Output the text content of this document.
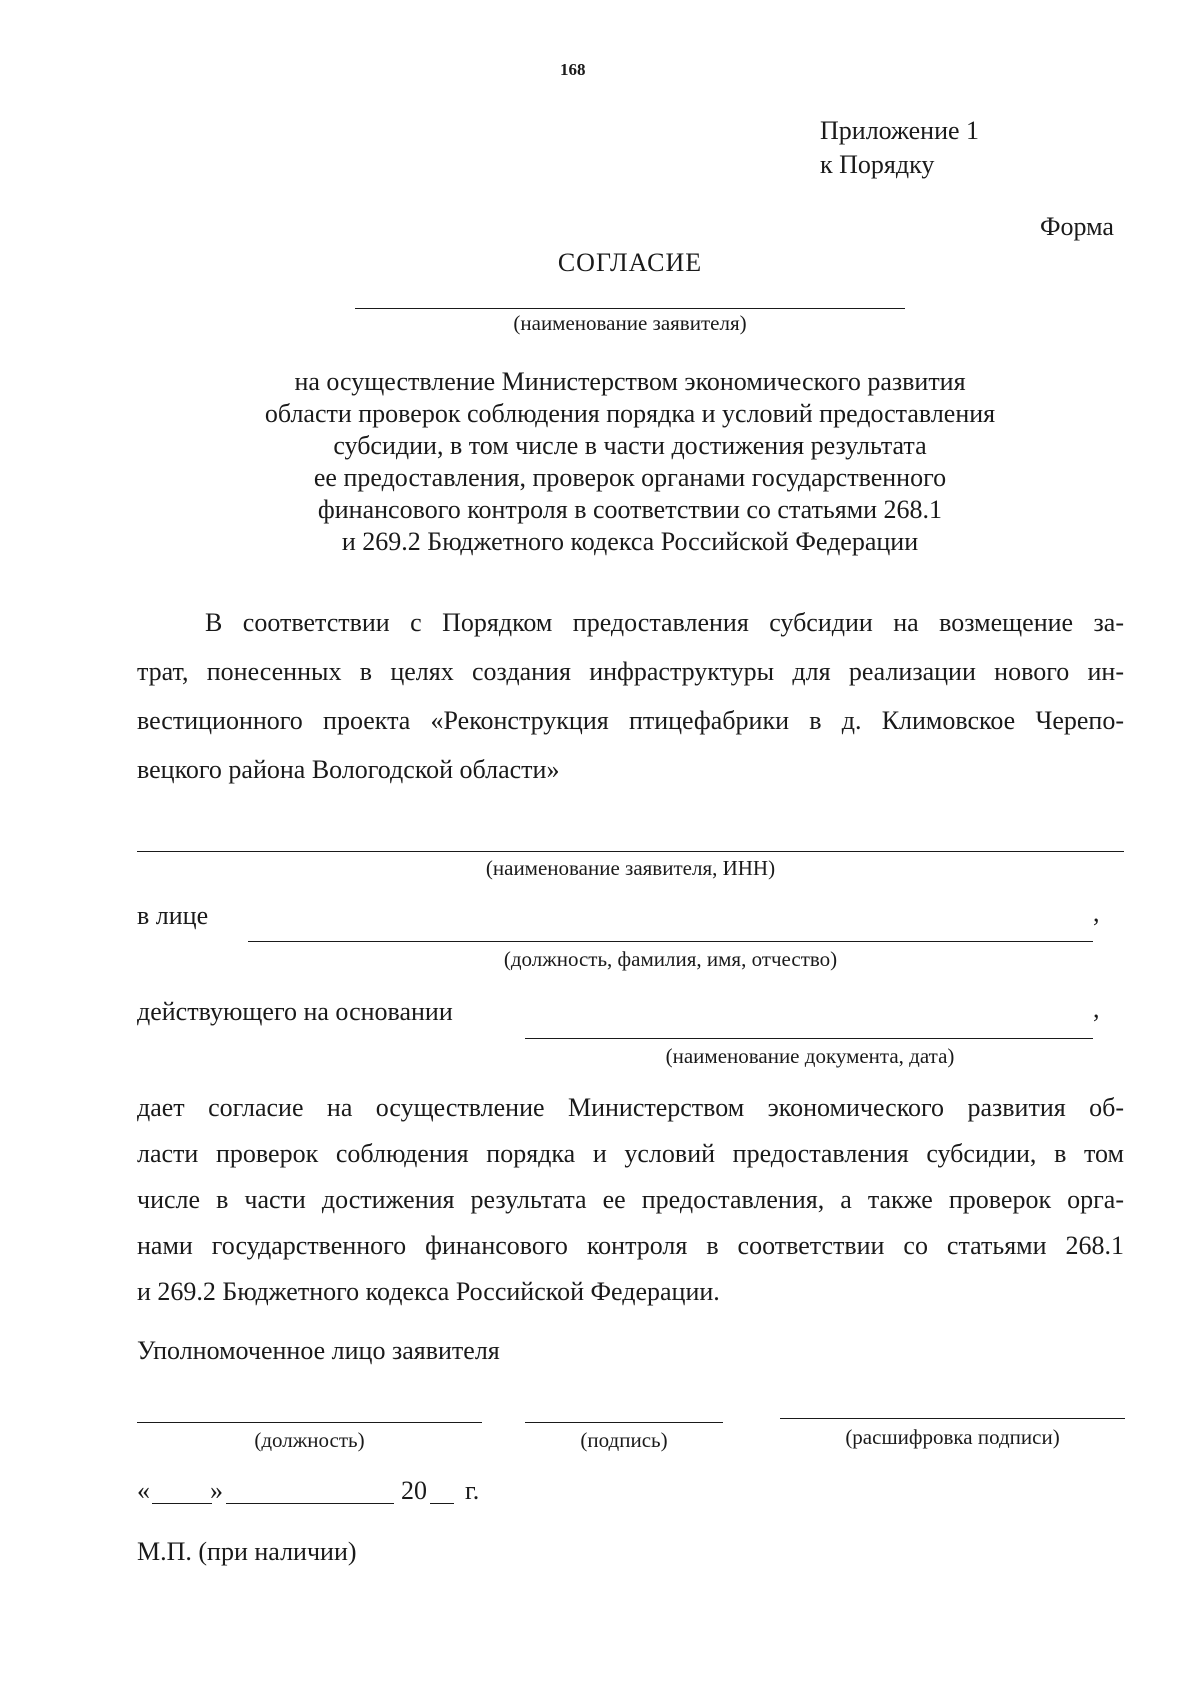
168
Приложение 1
к Порядку
Форма
СОГЛАСИЕ
(наименование заявителя)
на осуществление Министерством экономического развития
области проверок соблюдения порядка и условий предоставления
субсидии, в том числе в части достижения результата
ее предоставления, проверок органами государственного
финансового контроля в соответствии со статьями 268.1
и 269.2 Бюджетного кодекса Российской Федерации
В соответствии с Порядком предоставления субсидии на возмещение за-
трат, понесенных в целях создания инфраструктуры для реализации нового ин-
вестиционного проекта «Реконструкция птицефабрики в д. Климовское Черепо-
вецкого района Вологодской области»
(наименование заявителя, ИНН)
в лице	,
(должность, фамилия, имя, отчество)
действующего на основании	,
(наименование документа, дата)
дает согласие на осуществление Министерством экономического развития об-
ласти проверок соблюдения порядка и условий предоставления субсидии, в том
числе в части достижения результата ее предоставления, а также проверок орга-
нами государственного финансового контроля в соответствии со статьями 268.1
и 269.2 Бюджетного кодекса Российской Федерации.
Уполномоченное лицо заявителя
(должность)	(подпись)	(расшифровка подписи)
« »	20 г.
М.П. (при наличии)
